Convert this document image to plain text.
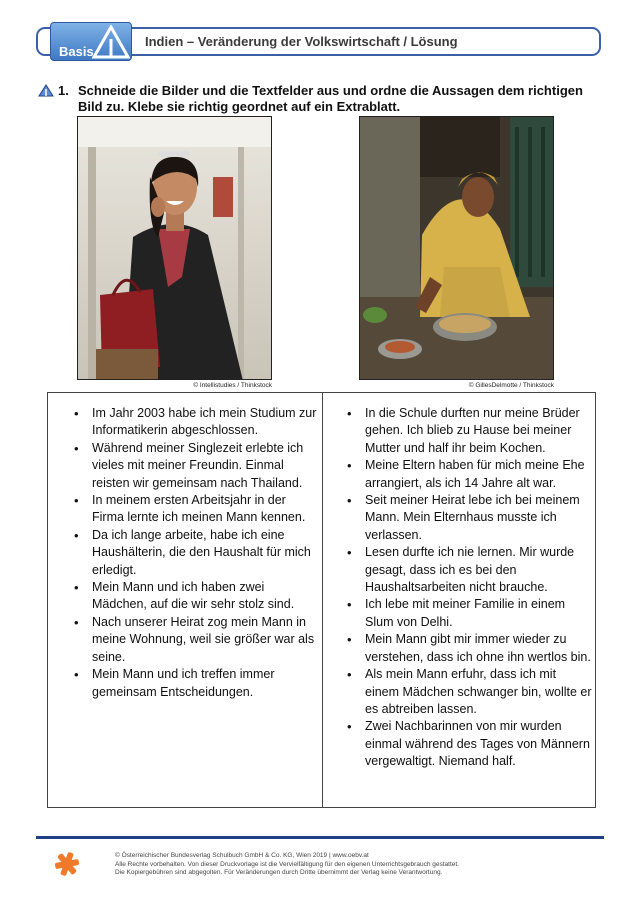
Basis
Indien – Veränderung der Volkswirtschaft / Lösung
1. Schneide die Bilder und die Textfelder aus und ordne die Aussagen dem richtigen Bild zu. Klebe sie richtig geordnet auf ein Extrablatt.
© Intellistudies / Thinkstock	© GillesDelmotte / Thinkstock
• Im Jahr 2003 habe ich mein Studium zur Informatikerin abgeschlossen.
• Während meiner Singlezeit erlebte ich vieles mit meiner Freundin. Einmal reisten wir gemeinsam nach Thailand.
• In meinem ersten Arbeitsjahr in der Firma lernte ich meinen Mann kennen.
• Da ich lange arbeite, habe ich eine Haushälterin, die den Haushalt für mich erledigt.
• Mein Mann und ich haben zwei Mädchen, auf die wir sehr stolz sind.
• Nach unserer Heirat zog mein Mann in meine Wohnung, weil sie größer war als seine.
• Mein Mann und ich treffen immer gemeinsam Entscheidungen.
• In die Schule durften nur meine Brüder gehen. Ich blieb zu Hause bei meiner Mutter und half ihr beim Kochen.
• Meine Eltern haben für mich meine Ehe arrangiert, als ich 14 Jahre alt war.
• Seit meiner Heirat lebe ich bei meinem Mann. Mein Elternhaus musste ich verlassen.
• Lesen durfte ich nie lernen. Mir wurde gesagt, dass ich es bei den Haushaltsarbeiten nicht brauche.
• Ich lebe mit meiner Familie in einem Slum von Delhi.
• Mein Mann gibt mir immer wieder zu verstehen, dass ich ohne ihn wertlos bin.
• Als mein Mann erfuhr, dass ich mit einem Mädchen schwanger bin, wollte er es abtreiben lassen.
• Zwei Nachbarinnen von mir wurden einmal während des Tages von Männern vergewaltigt. Niemand half.
© Österreichischer Bundesverlag Schulbuch GmbH & Co. KG, Wien 2019 | www.oebv.at
Alle Rechte vorbehalten. Von dieser Druckvorlage ist die Vervielfältigung für den eigenen Unterrichtsgebrauch gestattet.
Die Kopiergebühren sind abgegolten. Für Veränderungen durch Dritte übernimmt der Verlag keine Verantwortung.
